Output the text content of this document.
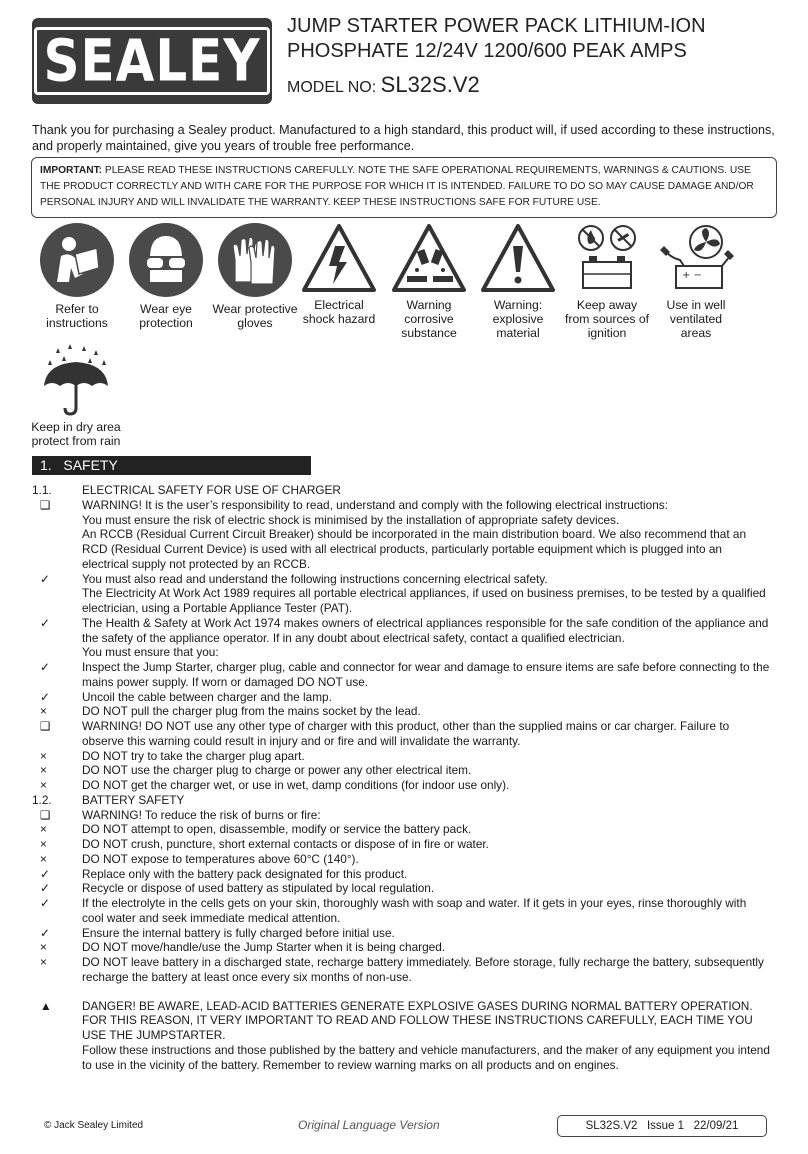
SEALEY
JUMP STARTER POWER PACK LITHIUM-ION
PHOSPHATE 12/24V 1200/600 PEAK AMPS
MODEL NO: SL32S.V2
Thank you for purchasing a Sealey product. Manufactured to a high standard, this product will, if used according to these instructions, and properly maintained, give you years of trouble free performance.
IMPORTANT: PLEASE READ THESE INSTRUCTIONS CAREFULLY. NOTE THE SAFE OPERATIONAL REQUIREMENTS, WARNINGS & CAUTIONS. USE THE PRODUCT CORRECTLY AND WITH CARE FOR THE PURPOSE FOR WHICH IT IS INTENDED. FAILURE TO DO SO MAY CAUSE DAMAGE AND/OR PERSONAL INJURY AND WILL INVALIDATE THE WARRANTY. KEEP THESE INSTRUCTIONS SAFE FOR FUTURE USE.
Refer to instructions
Wear eye protection
Wear protective gloves
Electrical shock hazard
Warning corrosive substance
Warning: explosive material
Keep away from sources of ignition
+ −
Use in well ventilated areas
Keep in dry area protect from rain
1. SAFETY
1.1.	ELECTRICAL SAFETY FOR USE OF CHARGER
❑	WARNING! It is the user’s responsibility to read, understand and comply with the following electrical instructions:
You must ensure the risk of electric shock is minimised by the installation of appropriate safety devices.
An RCCB (Residual Current Circuit Breaker) should be incorporated in the main distribution board. We also recommend that an RCD (Residual Current Device) is used with all electrical products, particularly portable equipment which is plugged into an electrical supply not protected by an RCCB.
✓	You must also read and understand the following instructions concerning electrical safety.
The Electricity At Work Act 1989 requires all portable electrical appliances, if used on business premises, to be tested by a qualified electrician, using a Portable Appliance Tester (PAT).
✓	The Health & Safety at Work Act 1974 makes owners of electrical appliances responsible for the safe condition of the appliance and the safety of the appliance operator. If in any doubt about electrical safety, contact a qualified electrician.
You must ensure that you:
✓	Inspect the Jump Starter, charger plug, cable and connector for wear and damage to ensure items are safe before connecting to the mains power supply. If worn or damaged DO NOT use.
✓	Uncoil the cable between charger and the lamp.
×	DO NOT pull the charger plug from the mains socket by the lead.
❑	WARNING! DO NOT use any other type of charger with this product, other than the supplied mains or car charger. Failure to observe this warning could result in injury and or fire and will invalidate the warranty.
×	DO NOT try to take the charger plug apart.
×	DO NOT use the charger plug to charge or power any other electrical item.
×	DO NOT get the charger wet, or use in wet, damp conditions (for indoor use only).
1.2.	BATTERY SAFETY
❑	WARNING! To reduce the risk of burns or fire:
×	DO NOT attempt to open, disassemble, modify or service the battery pack.
×	DO NOT crush, puncture, short external contacts or dispose of in fire or water.
×	DO NOT expose to temperatures above 60°C (140°).
✓	Replace only with the battery pack designated for this product.
✓	Recycle or dispose of used battery as stipulated by local regulation.
✓	If the electrolyte in the cells gets on your skin, thoroughly wash with soap and water. If it gets in your eyes, rinse thoroughly with cool water and seek immediate medical attention.
✓	Ensure the internal battery is fully charged before initial use.
×	DO NOT move/handle/use the Jump Starter when it is being charged.
×	DO NOT leave battery in a discharged state, recharge battery immediately. Before storage, fully recharge the battery, subsequently recharge the battery at least once every six months of non-use.
▲	DANGER! BE AWARE, LEAD-ACID BATTERIES GENERATE EXPLOSIVE GASES DURING NORMAL BATTERY OPERATION. FOR THIS REASON, IT VERY IMPORTANT TO READ AND FOLLOW THESE INSTRUCTIONS CAREFULLY, EACH TIME YOU USE THE JUMPSTARTER.
Follow these instructions and those published by the battery and vehicle manufacturers, and the maker of any equipment you intend to use in the vicinity of the battery. Remember to review warning marks on all products and on engines.
© Jack Sealey Limited	Original Language Version	SL32S.V2   Issue 1   22/09/21
